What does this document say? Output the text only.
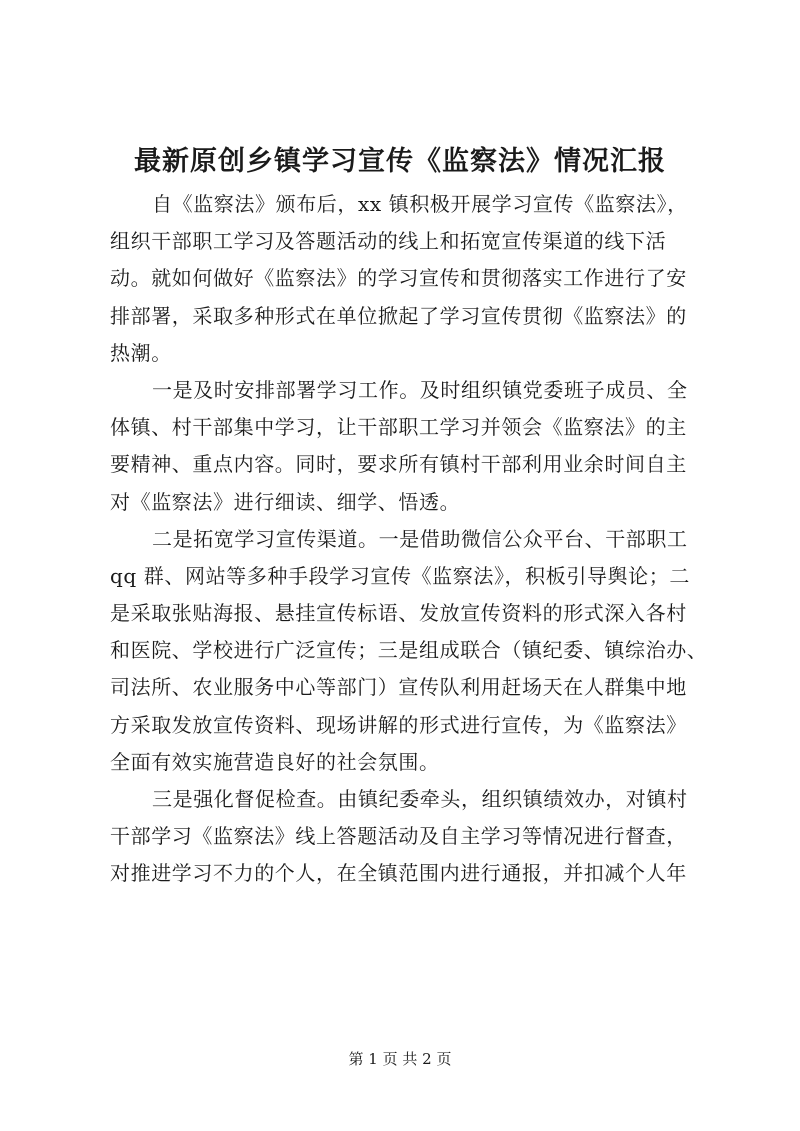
最新原创乡镇学习宣传《监察法》情况汇报
自《监察法》颁布后，xx 镇积极开展学习宣传《监察法》，
组织干部职工学习及答题活动的线上和拓宽宣传渠道的线下活
动。就如何做好《监察法》的学习宣传和贯彻落实工作进行了安
排部署，采取多种形式在单位掀起了学习宣传贯彻《监察法》的
热潮。
一是及时安排部署学习工作。及时组织镇党委班子成员、全
体镇、村干部集中学习，让干部职工学习并领会《监察法》的主
要精神、重点内容。同时，要求所有镇村干部利用业余时间自主
对《监察法》进行细读、细学、悟透。
二是拓宽学习宣传渠道。一是借助微信公众平台、干部职工
qq 群、网站等多种手段学习宣传《监察法》，积板引导舆论；二
是采取张贴海报、悬挂宣传标语、发放宣传资料的形式深入各村
和医院、学校进行广泛宣传；三是组成联合（镇纪委、镇综治办、
司法所、农业服务中心等部门）宣传队利用赶场天在人群集中地
方采取发放宣传资料、现场讲解的形式进行宣传，为《监察法》
全面有效实施营造良好的社会氛围。
三是强化督促检查。由镇纪委牵头，组织镇绩效办，对镇村
干部学习《监察法》线上答题活动及自主学习等情况进行督查，
对推进学习不力的个人，在全镇范围内进行通报，并扣减个人年
第 1 页 共 2 页
